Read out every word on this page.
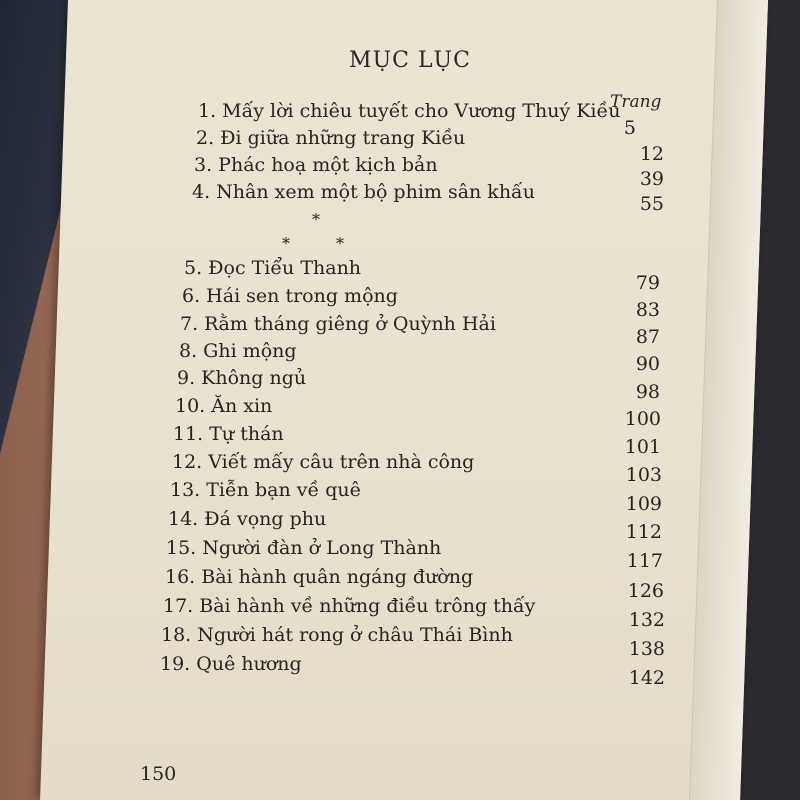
MỤC LỤC
Trang
1. Mấy lời chiêu tuyết cho Vương Thuý Kiều
5
2. Đi giữa những trang Kiều
12
3. Phác hoạ một kịch bản
39
4. Nhân xem một bộ phim sân khấu
55
*
*	*
5. Đọc Tiểu Thanh
79
6. Hái sen trong mộng
83
7. Rằm tháng giêng ở Quỳnh Hải
87
8. Ghi mộng
90
9. Không ngủ
98
10. Ăn xin
100
11. Tự thán
101
12. Viết mấy câu trên nhà công
103
13. Tiễn bạn về quê
109
14. Đá vọng phu
112
15. Người đàn ở Long Thành
117
16. Bài hành quân ngáng đường
126
17. Bài hành về những điều trông thấy
132
18. Người hát rong ở châu Thái Bình
138
19. Quê hương
142
150
